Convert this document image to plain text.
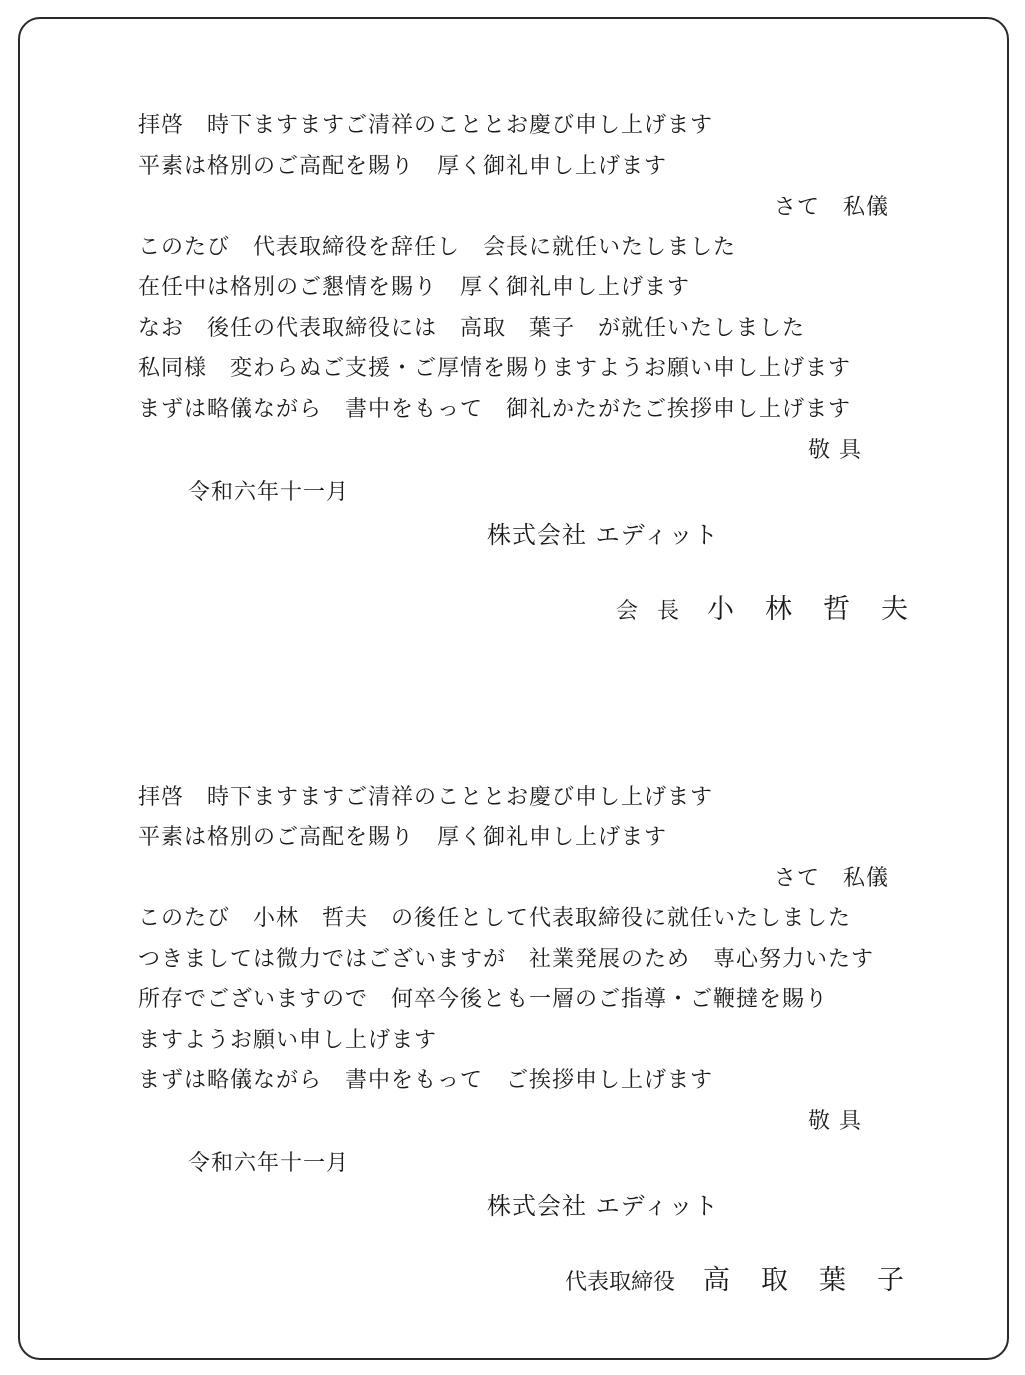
拝啓　時下ますますご清祥のこととお慶び申し上げます
平素は格別のご高配を賜り　厚く御礼申し上げます
さて　私儀
このたび　代表取締役を辞任し　会長に就任いたしました
在任中は格別のご懇情を賜り　厚く御礼申し上げます
なお　後任の代表取締役には　高取　葉子　が就任いたしました
私同様　変わらぬご支援・ご厚情を賜りますようお願い申し上げます
まずは略儀ながら　書中をもって　御礼かたがたご挨拶申し上げます
敬 具
令和六年十一月
株式会社 エディット

会 長 小　林　哲　夫

拝啓　時下ますますご清祥のこととお慶び申し上げます
平素は格別のご高配を賜り　厚く御礼申し上げます
さて　私儀
このたび　小林　哲夫　の後任として代表取締役に就任いたしました
つきましては微力ではございますが　社業発展のため　専心努力いたす
所存でございますので　何卒今後とも一層のご指導・ご鞭撻を賜り
ますようお願い申し上げます
まずは略儀ながら　書中をもって　ご挨拶申し上げます
敬 具
令和六年十一月
株式会社 エディット

代表取締役 高　取　葉　子
